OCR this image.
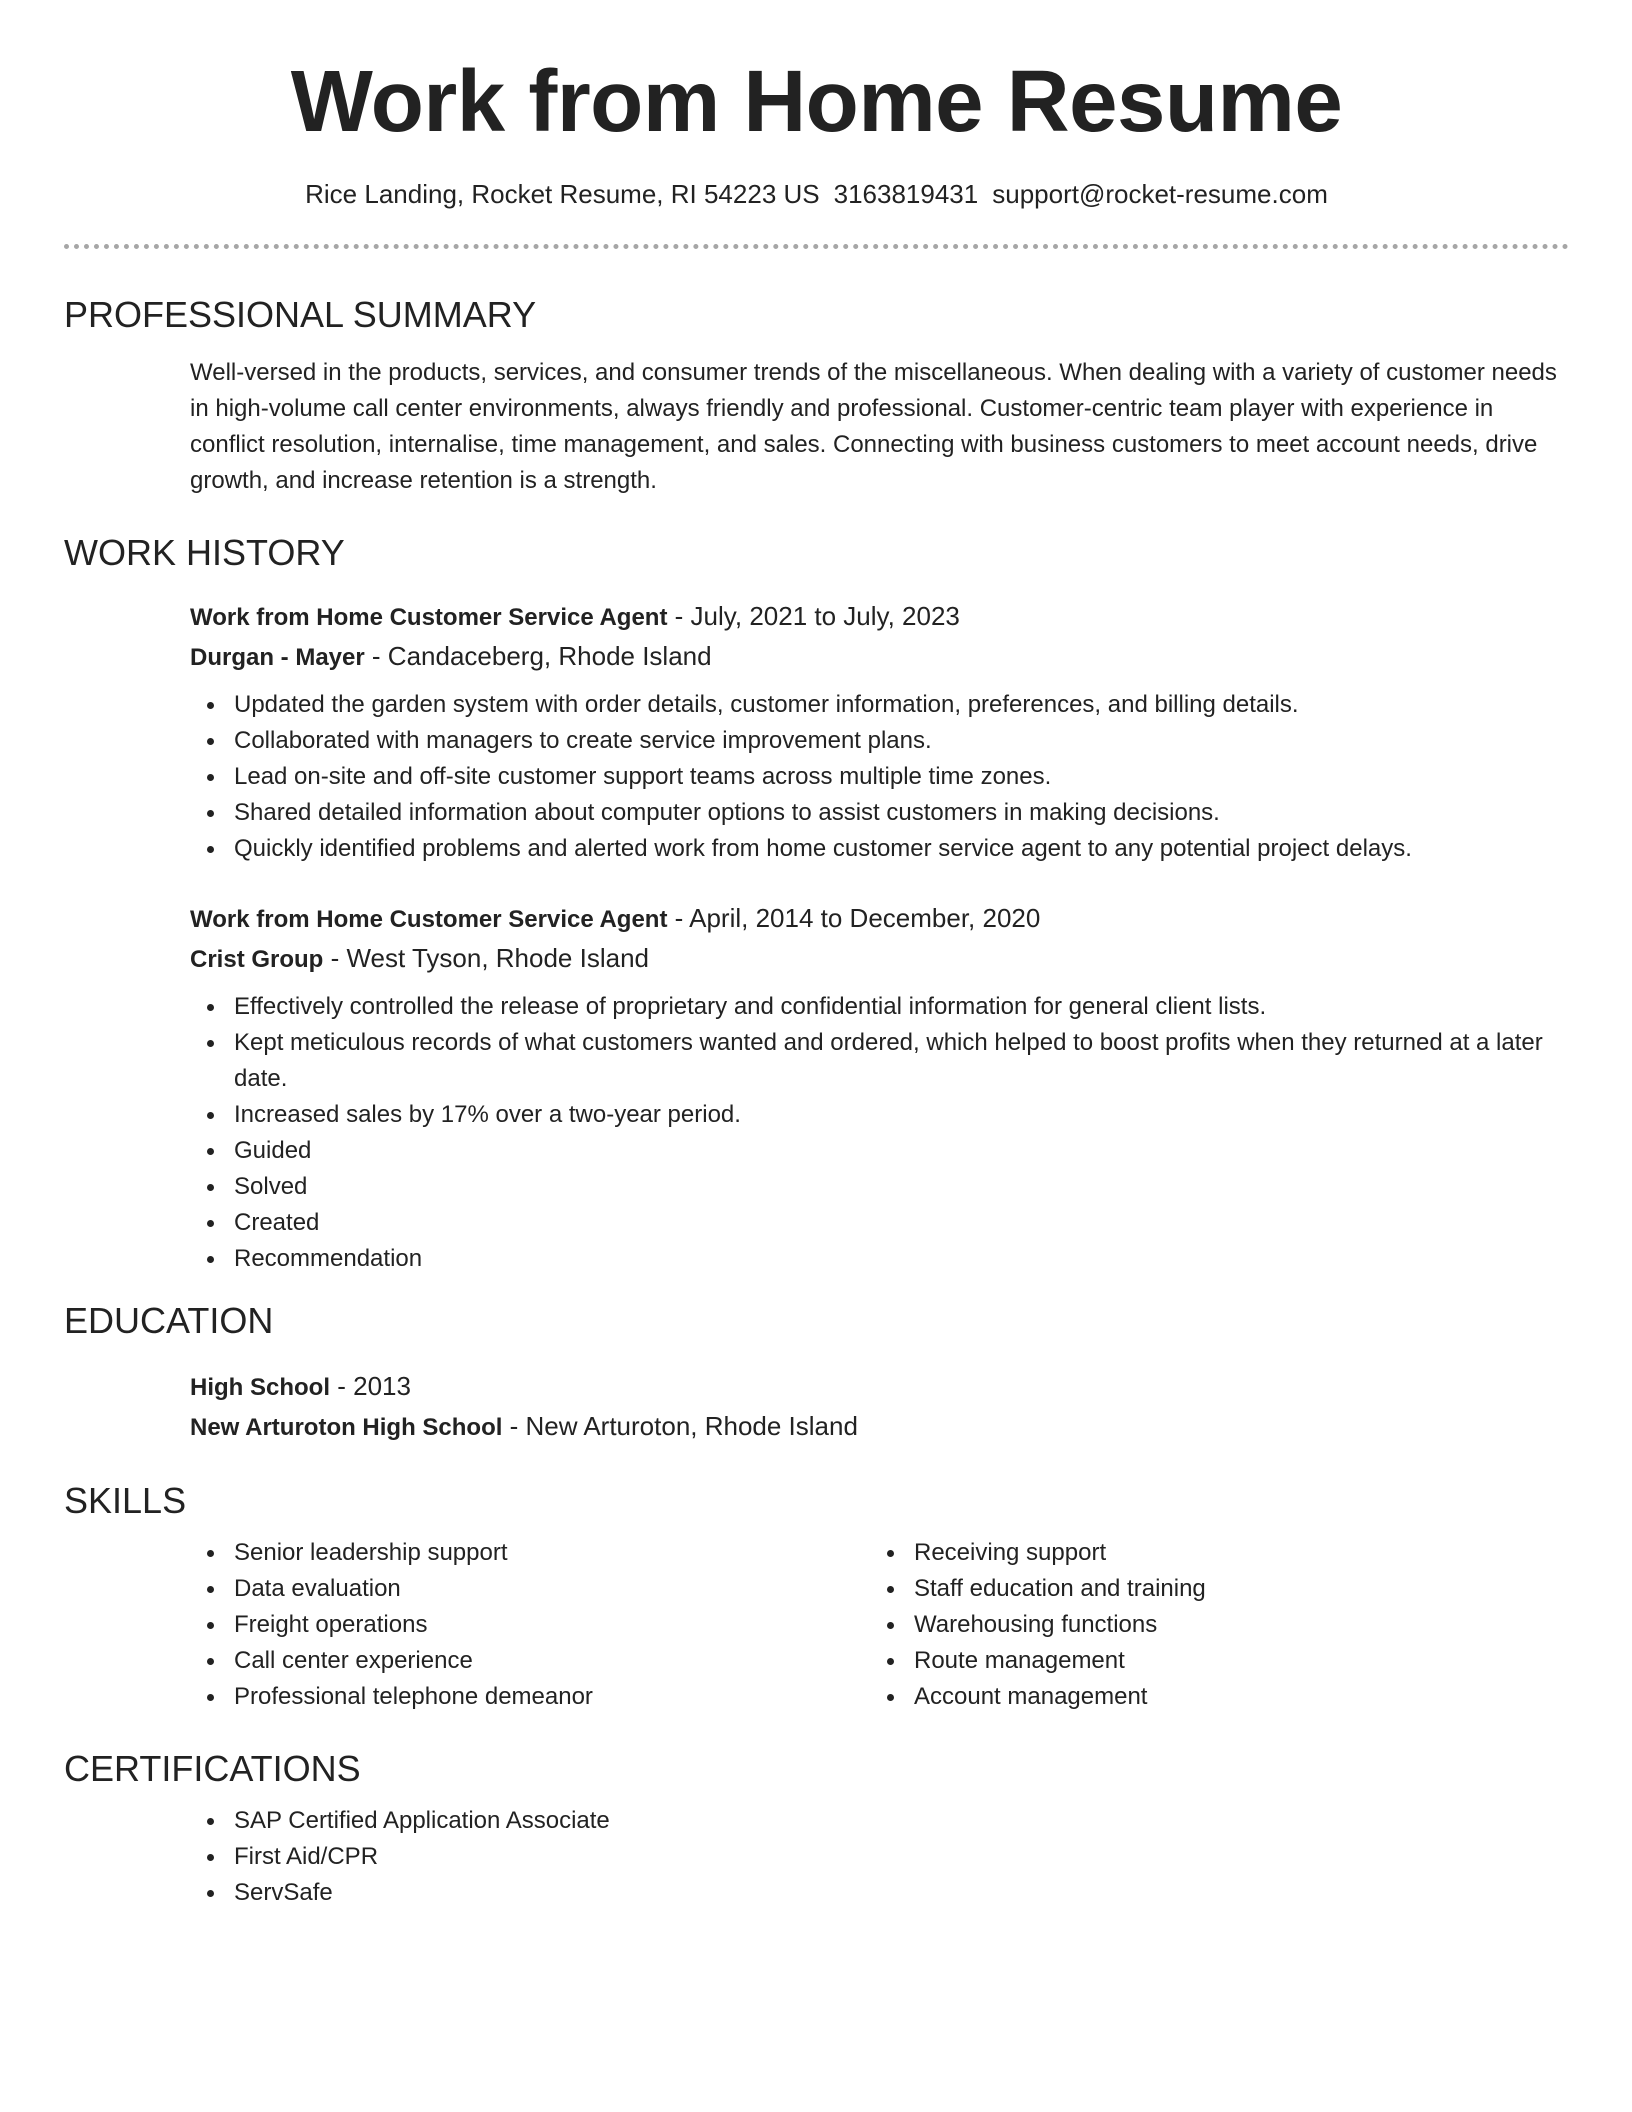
Work from Home Resume
Rice Landing, Rocket Resume, RI 54223 US 3163819431 support@rocket-resume.com
PROFESSIONAL SUMMARY

Well-versed in the products, services, and consumer trends of the miscellaneous. When dealing with a variety of customer needs in high-volume call center environments, always friendly and professional. Customer-centric team player with experience in conflict resolution, internalise, time management, and sales. Connecting with business customers to meet account needs, drive growth, and increase retention is a strength.

WORK HISTORY
Work from Home Customer Service Agent - July, 2021 to July, 2023
Durgan - Mayer - Candaceberg, Rhode Island
Updated the garden system with order details, customer information, preferences, and billing details.
Collaborated with managers to create service improvement plans.
Lead on-site and off-site customer support teams across multiple time zones.
Shared detailed information about computer options to assist customers in making decisions.
Quickly identified problems and alerted work from home customer service agent to any potential project delays.
Work from Home Customer Service Agent - April, 2014 to December, 2020
Crist Group - West Tyson, Rhode Island
Effectively controlled the release of proprietary and confidential information for general client lists.
Kept meticulous records of what customers wanted and ordered, which helped to boost profits when they returned at a later date.
Increased sales by 17% over a two-year period.
Guided
Solved
Created
Recommendation
EDUCATION
High School - 2013
New Arturoton High School - New Arturoton, Rhode Island
SKILLS
Senior leadership support
Data evaluation
Freight operations
Call center experience
Professional telephone demeanor
Receiving support
Staff education and training
Warehousing functions
Route management
Account management
CERTIFICATIONS
SAP Certified Application Associate
First Aid/CPR
ServSafe
